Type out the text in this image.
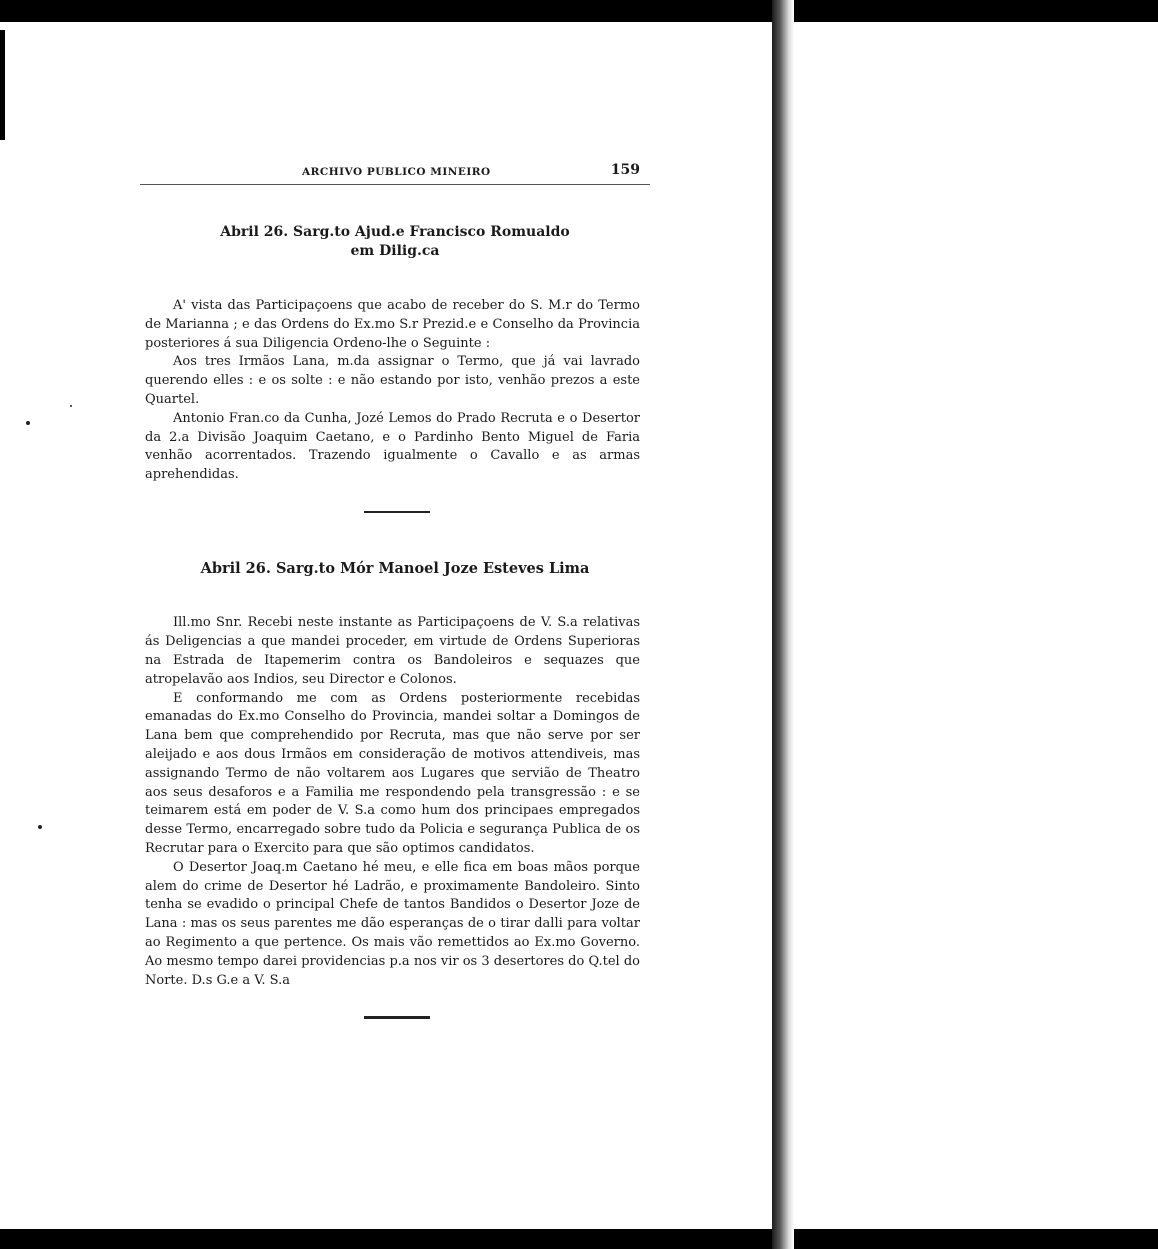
ARCHIVO PUBLICO MINEIRO	159
Abril 26. Sarg.to Ajud.e Francisco Romualdo
em Dilig.ca

A' vista das Participaçoens que acabo de receber do S. M.r do Termo de Marianna ; e das Ordens do Ex.mo S.r Prezid.e e Conselho da Provincia posteriores á sua Diligencia Ordeno-lhe o Seguinte :

Aos tres Irmãos Lana, m.da assignar o Termo, que já vai lavrado querendo elles : e os solte : e não estando por isto, venhão prezos a este Quartel.

Antonio Fran.co da Cunha, Jozé Lemos do Prado Recruta e o Desertor da 2.a Divisão Joaquim Caetano, e o Pardinho Bento Miguel de Faria venhão acorrentados. Trazendo igualmente o Cavallo e as armas aprehendidas.

Abril 26. Sarg.to Mór Manoel Joze Esteves Lima

Ill.mo Snr. Recebi neste instante as Participaçoens de V. S.a relativas ás Deligencias a que mandei proceder, em virtude de Ordens Superioras na Estrada de Itapemerim contra os Bandoleiros e sequazes que atropelavão aos Indios, seu Director e Colonos.

E conformando me com as Ordens posteriormente recebidas emanadas do Ex.mo Conselho do Provincia, mandei soltar a Domingos de Lana bem que comprehendido por Recruta, mas que não serve por ser aleijado e aos dous Irmãos em consideração de motivos attendiveis, mas assignando Termo de não voltarem aos Lugares que servião de Theatro aos seus desaforos e a Familia me respondendo pela transgressão : e se teimarem está em poder de V. S.a como hum dos principaes empregados desse Termo, encarregado sobre tudo da Policia e segurança Publica de os Recrutar para o Exercito para que são optimos candidatos.

O Desertor Joaq.m Caetano hé meu, e elle fica em boas mãos porque alem do crime de Desertor hé Ladrão, e proximamente Bandoleiro. Sinto tenha se evadido o principal Chefe de tantos Bandidos o Desertor Joze de Lana : mas os seus parentes me dão esperanças de o tirar dalli para voltar ao Regimento a que pertence. Os mais vão remettidos ao Ex.mo Governo. Ao mesmo tempo darei providencias p.a nos vir os 3 desertores do Q.tel do Norte. D.s G.e a V. S.a
